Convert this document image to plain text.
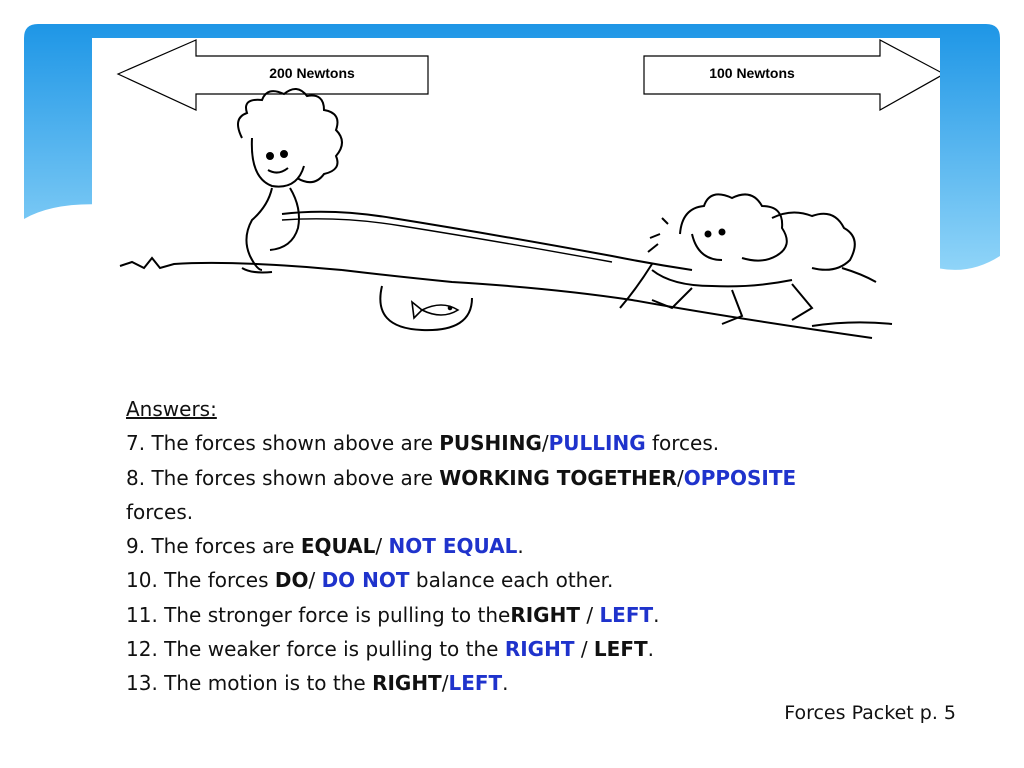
200 Newtons	100 Newtons
Answers:
7. The forces shown above are PUSHING/PULLING forces.
8. The forces shown above are WORKING TOGETHER/OPPOSITE
forces.
9. The forces are EQUAL/ NOT EQUAL.
10. The forces DO/ DO NOT balance each other.
11. The stronger force is pulling to theRIGHT / LEFT.
12. The weaker force is pulling to the RIGHT / LEFT.
13. The motion is to the RIGHT/LEFT.
Forces Packet p. 5
